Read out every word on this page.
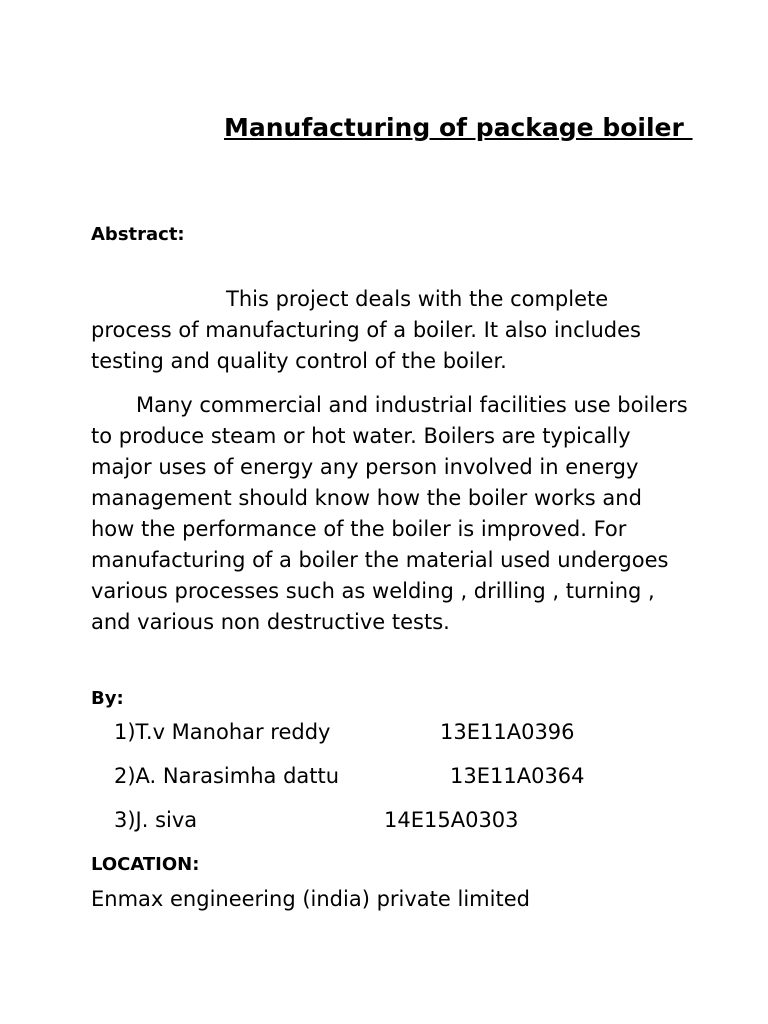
Manufacturing of package boiler
Abstract:

This project deals with the complete process of manufacturing of a boiler. It also includes testing and quality control of the boiler.

Many commercial and industrial facilities use boilers to produce steam or hot water. Boilers are typically major uses of energy any person involved in energy management should know how the boiler works and how the performance of the boiler is improved. For manufacturing of a boiler the material used undergoes various processes such as welding , drilling , turning , and various non destructive tests.

By:
1)T.v Manohar reddy	13E11A0396
2)A. Narasimha dattu	13E11A0364
3)J. siva	14E15A0303
LOCATION:

Enmax engineering (india) private limited
